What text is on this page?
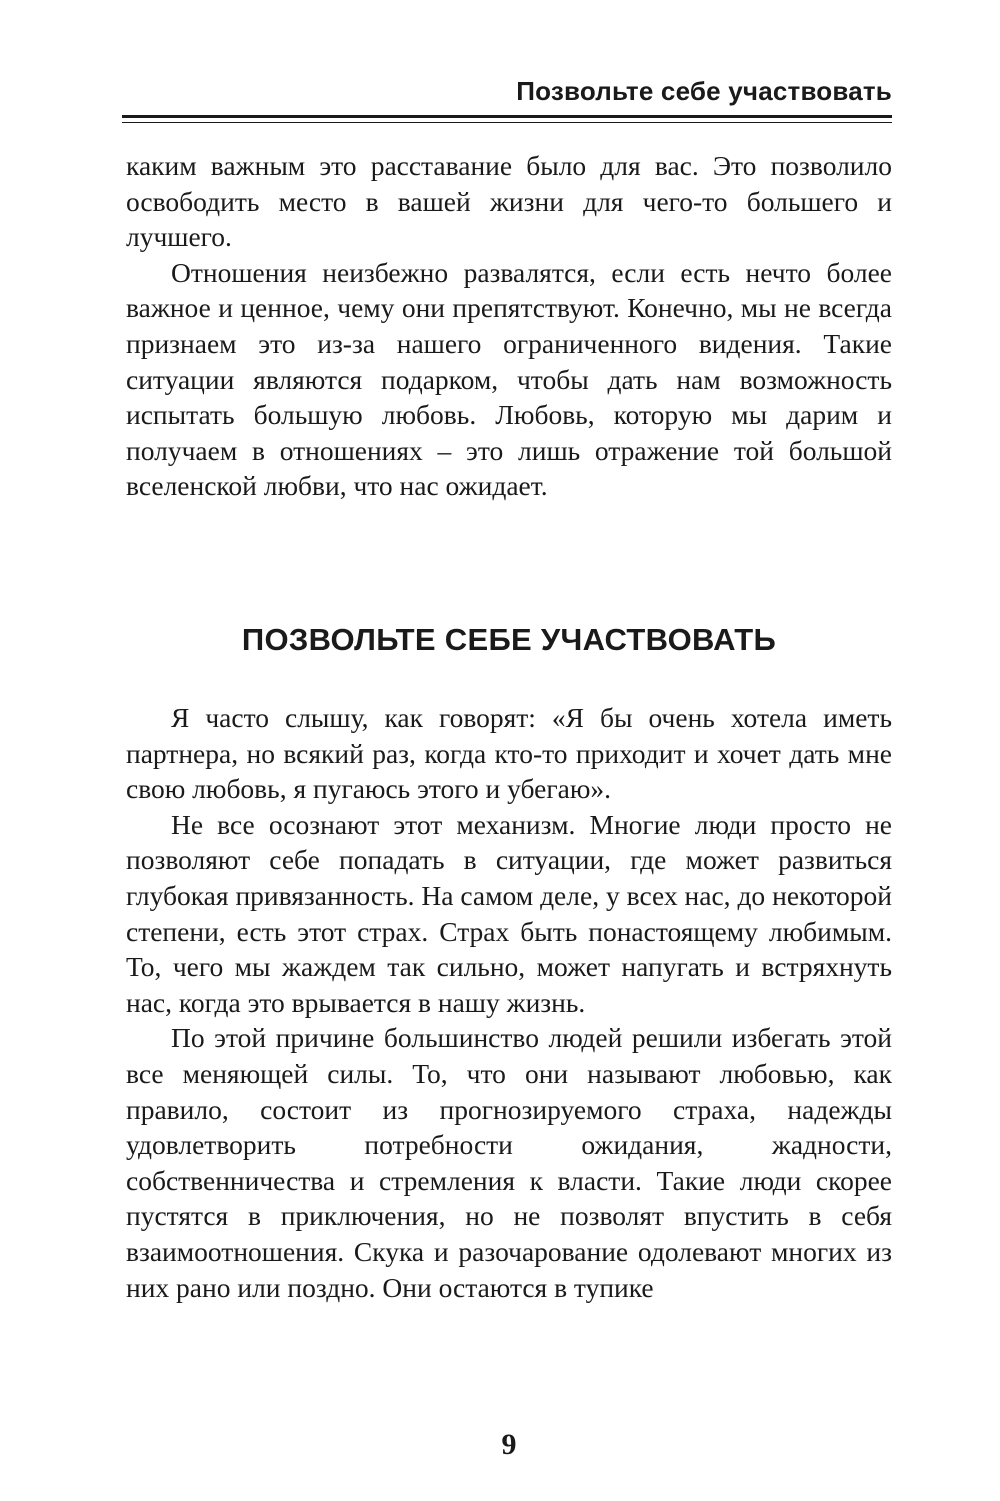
Позвольте себе участвовать

каким важным это расставание было для вас. Это позволило освободить место в вашей жизни для чего-то большего и лучшего.

Отношения неизбежно развалятся, если есть нечто более важное и ценное, чему они препятствуют. Конечно, мы не всегда признаем это из-за нашего ограниченного видения. Такие ситуации являются подарком, чтобы дать нам возможность испытать большую любовь. Любовь, которую мы дарим и получаем в отношениях – это лишь отражение той большой вселенской любви, что нас ожидает.

ПОЗВОЛЬТЕ СЕБЕ УЧАСТВОВАТЬ

Я часто слышу, как говорят: «Я бы очень хотела иметь партнера, но всякий раз, когда кто-то приходит и хочет дать мне свою любовь, я пугаюсь этого и убегаю».

Не все осознают этот механизм. Многие люди просто не позволяют себе попадать в ситуации, где может развиться глубокая привязанность. На самом деле, у всех нас, до некоторой степени, есть этот страх. Страх быть понастоящему любимым. То, чего мы жаждем так сильно, может напугать и встряхнуть нас, когда это врывается в нашу жизнь.

По этой причине большинство людей решили избегать этой все меняющей силы. То, что они называют любовью, как правило, состоит из прогнозируемого страха, надежды удовлетворить потребности ожидания, жадности, собственничества и стремления к власти. Такие люди скорее пустятся в приключения, но не позволят впустить в себя взаимоотношения. Скука и разочарование одолевают многих из них рано или поздно. Они остаются в тупике

9
